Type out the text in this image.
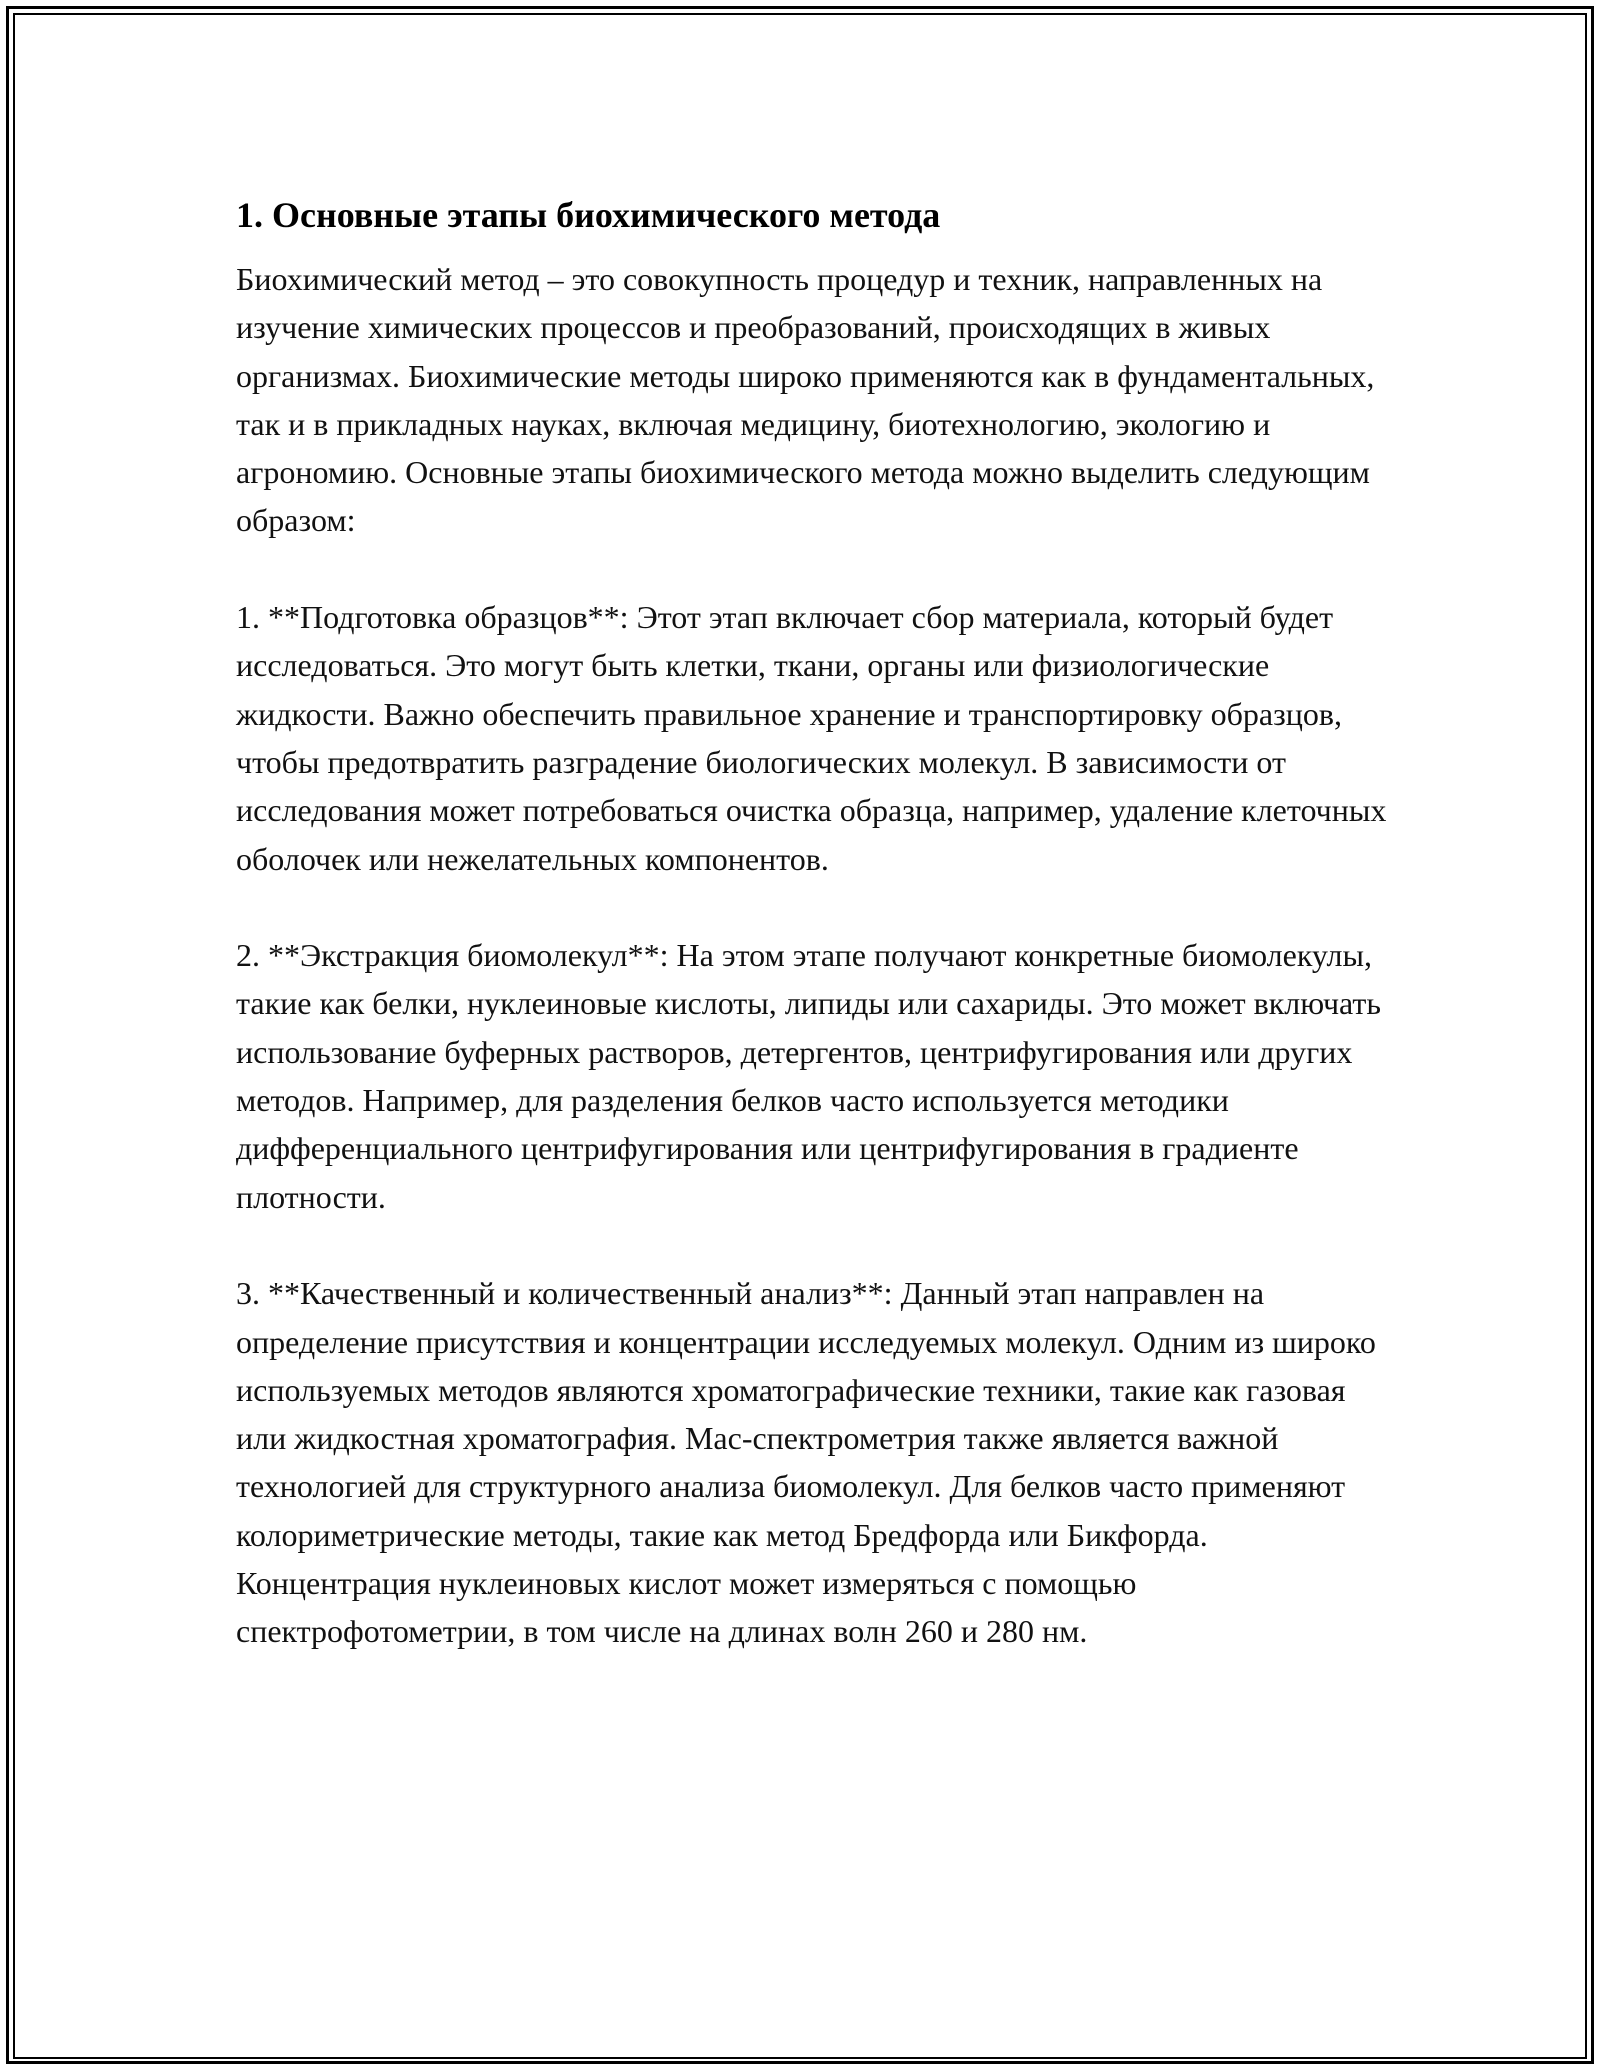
1. Основные этапы биохимического метода

Биохимический метод – это совокупность процедур и техник, направленных на изучение химических процессов и преобразований, происходящих в живых организмах. Биохимические методы широко применяются как в фундаментальных, так и в прикладных науках, включая медицину, биотехнологию, экологию и агрономию. Основные этапы биохимического метода можно выделить следующим образом:

1. **Подготовка образцов**: Этот этап включает сбор материала, который будет исследоваться. Это могут быть клетки, ткани, органы или физиологические жидкости. Важно обеспечить правильное хранение и транспортировку образцов, чтобы предотвратить разградение биологических молекул. В зависимости от исследования может потребоваться очистка образца, например, удаление клеточных оболочек или нежелательных компонентов.

2. **Экстракция биомолекул**: На этом этапе получают конкретные биомолекулы, такие как белки, нуклеиновые кислоты, липиды или сахариды. Это может включать использование буферных растворов, детергентов, центрифугирования или других методов. Например, для разделения белков часто используется методики дифференциального центрифугирования или центрифугирования в градиенте плотности.

3. **Качественный и количественный анализ**: Данный этап направлен на определение присутствия и концентрации исследуемых молекул. Одним из широко используемых методов являются хроматографические техники, такие как газовая или жидкостная хроматография. Мас-спектрометрия также является важной технологией для структурного анализа биомолекул. Для белков часто применяют колориметрические методы, такие как метод Бредфорда или Бикфорда. Концентрация нуклеиновых кислот может измеряться с помощью спектрофотометрии, в том числе на длинах волн 260 и 280 нм.
